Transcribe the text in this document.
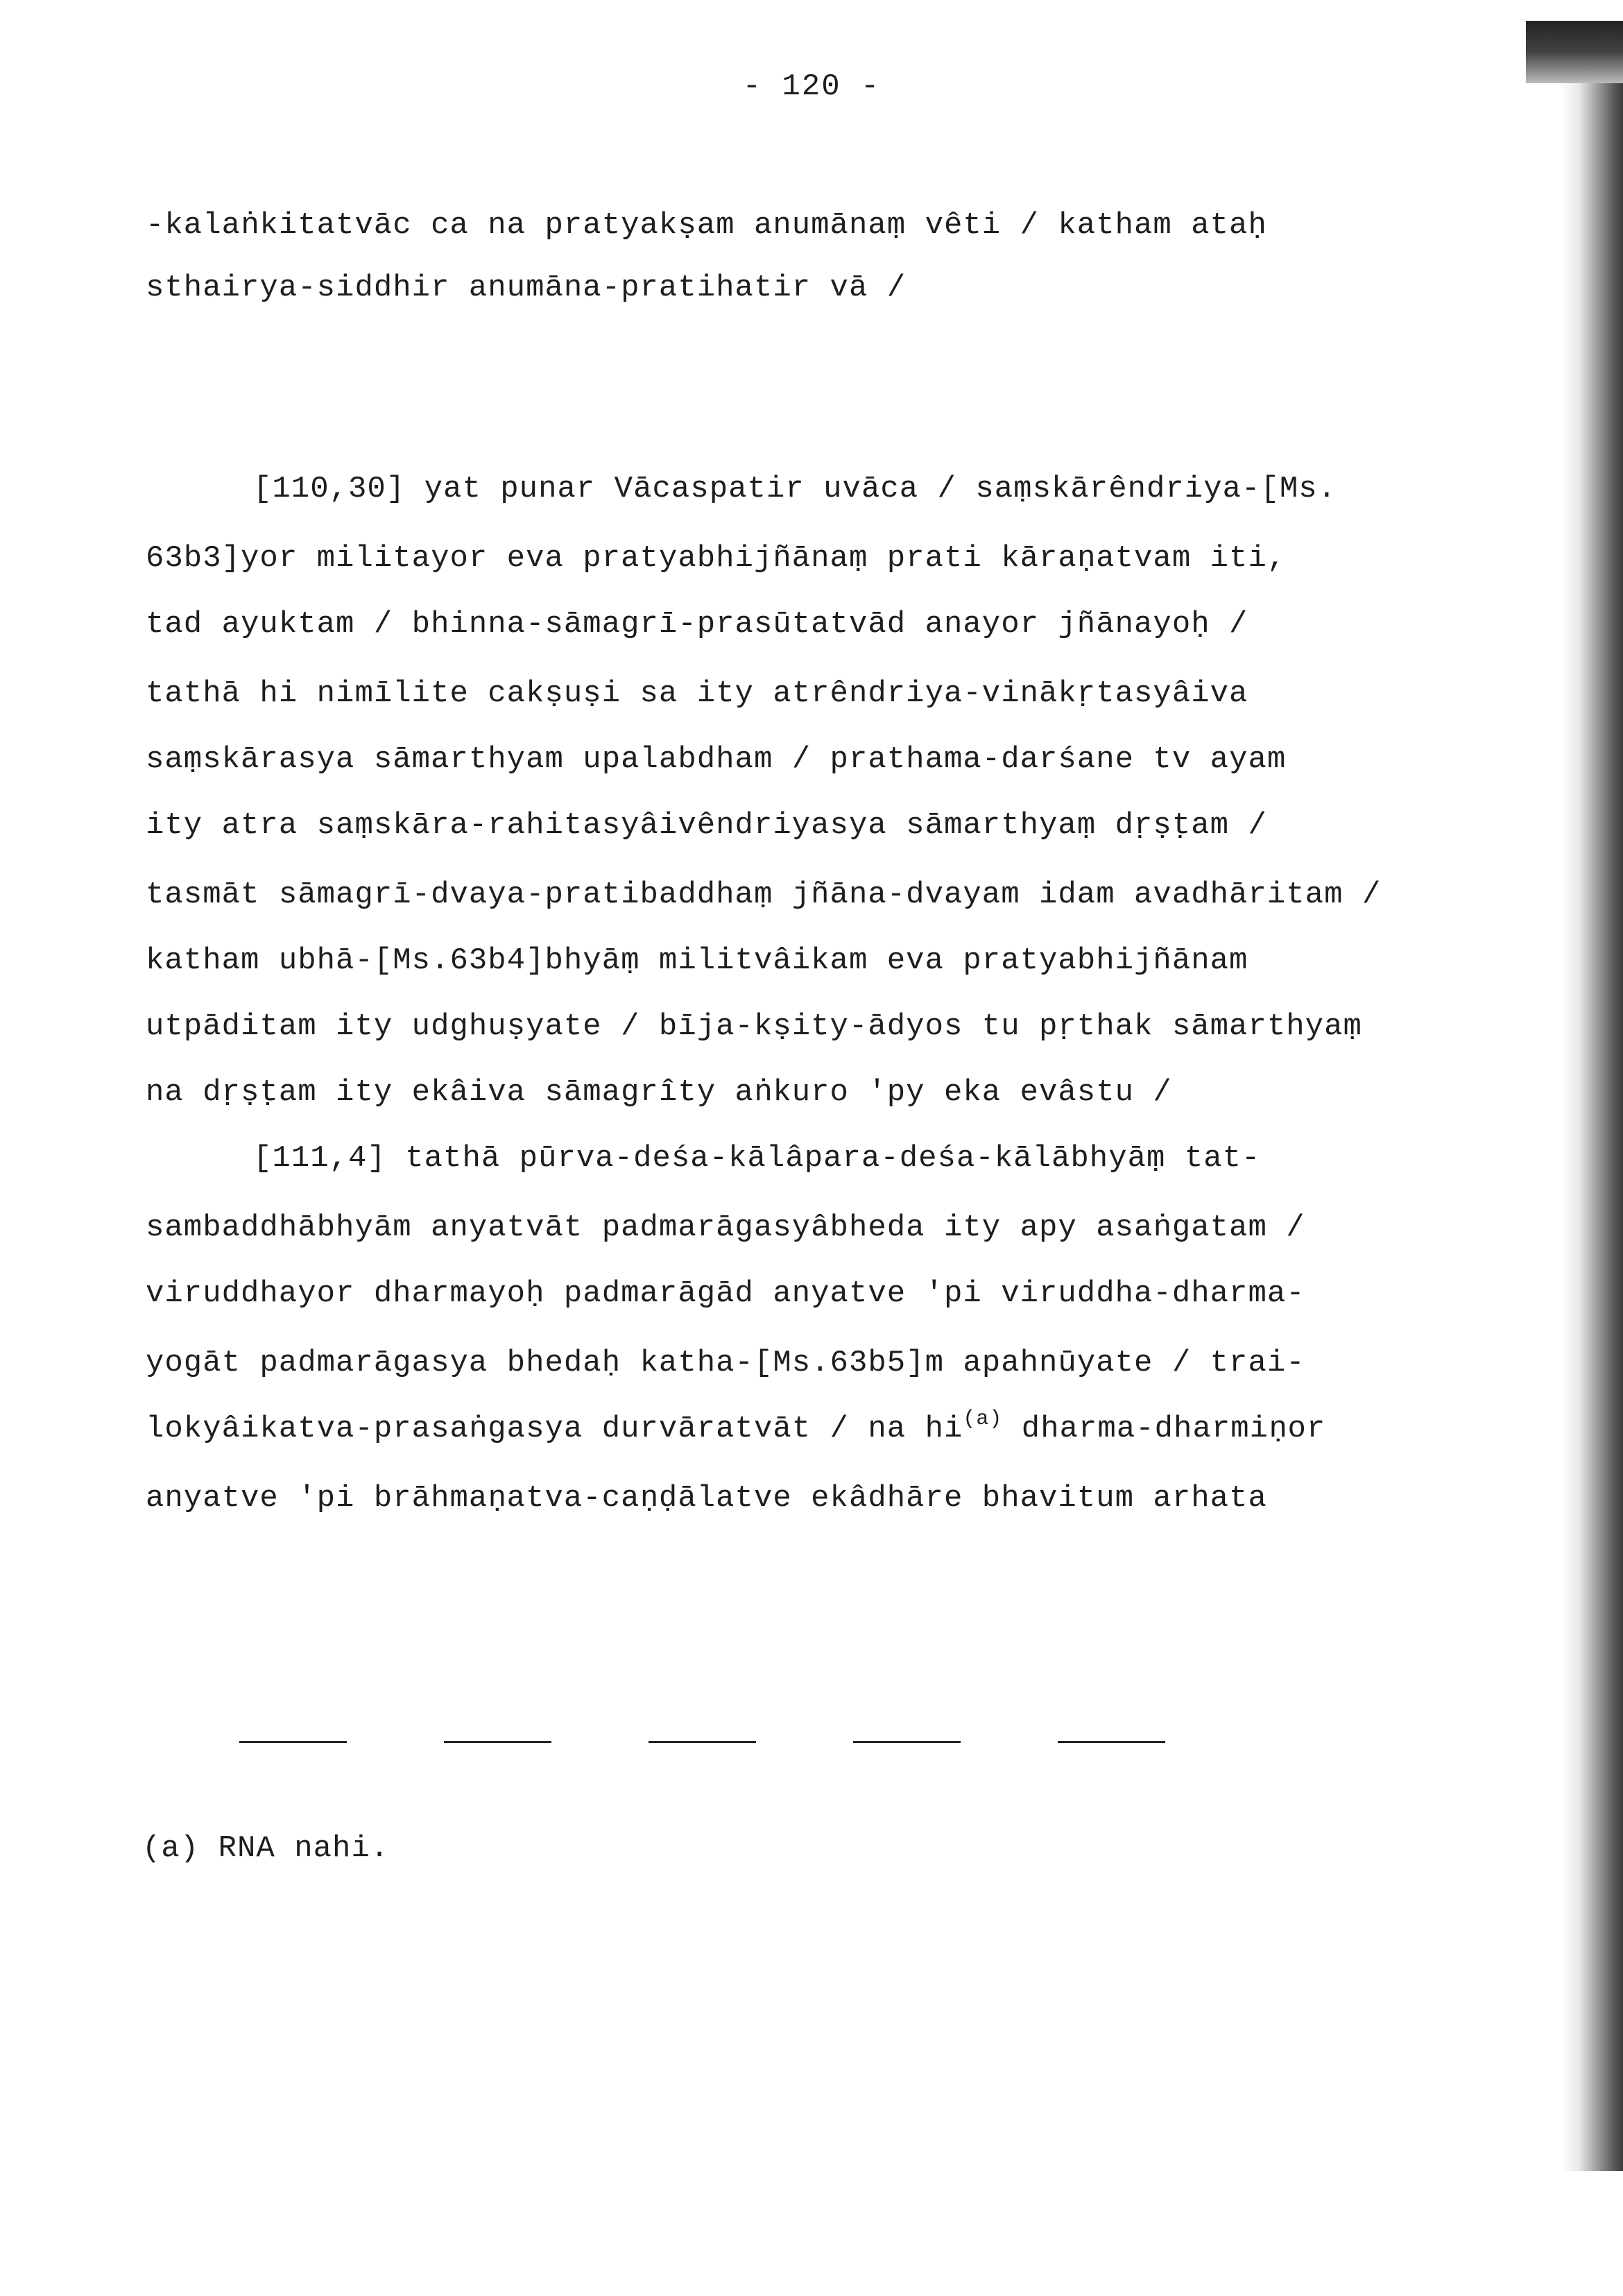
- 120 -
-kalaṅkitatvāc ca na pratyakṣam anumānaṃ vêti / katham ataḥ
sthairya-siddhir anumāna-pratihatir vā /
[110,30] yat punar Vācaspatir uvāca / saṃskārêndriya-[Ms.
63b3]yor militayor eva pratyabhijñānaṃ prati kāraṇatvam iti,
tad ayuktam / bhinna-sāmagrī-prasūtatvād anayor jñānayoḥ /
tathā hi nimīlite cakṣuṣi sa ity atrêndriya-vinākṛtasyâiva
saṃskārasya sāmarthyam upalabdham / prathama-darśane tv ayam
ity atra saṃskāra-rahitasyâivêndriyasya sāmarthyaṃ dṛṣṭam /
tasmāt sāmagrī-dvaya-pratibaddhaṃ jñāna-dvayam idam avadhāritam /
katham ubhā-[Ms.63b4]bhyāṃ militvâikam eva pratyabhijñānam
utpāditam ity udghuṣyate / bīja-kṣity-ādyos tu pṛthak sāmarthyaṃ
na dṛṣṭam ity ekâiva sāmagrîty aṅkuro 'py eka evâstu /
[111,4] tathā pūrva-deśa-kālâpara-deśa-kālābhyāṃ tat-
sambaddhābhyām anyatvāt padmarāgasyâbheda ity apy asaṅgatam /
viruddhayor dharmayoḥ padmarāgād anyatve 'pi viruddha-dharma-
yogāt padmarāgasya bhedaḥ katha-[Ms.63b5]m apahnūyate / trai-
lokyâikatva-prasaṅgasya durvāratvāt / na $hi^{(a)}$ dharma-dharmiṇor
anyatve 'pi brāhmaṇatva-caṇḍālatve ekâdhāre bhavitum arhata
(a) RNA nahi.
